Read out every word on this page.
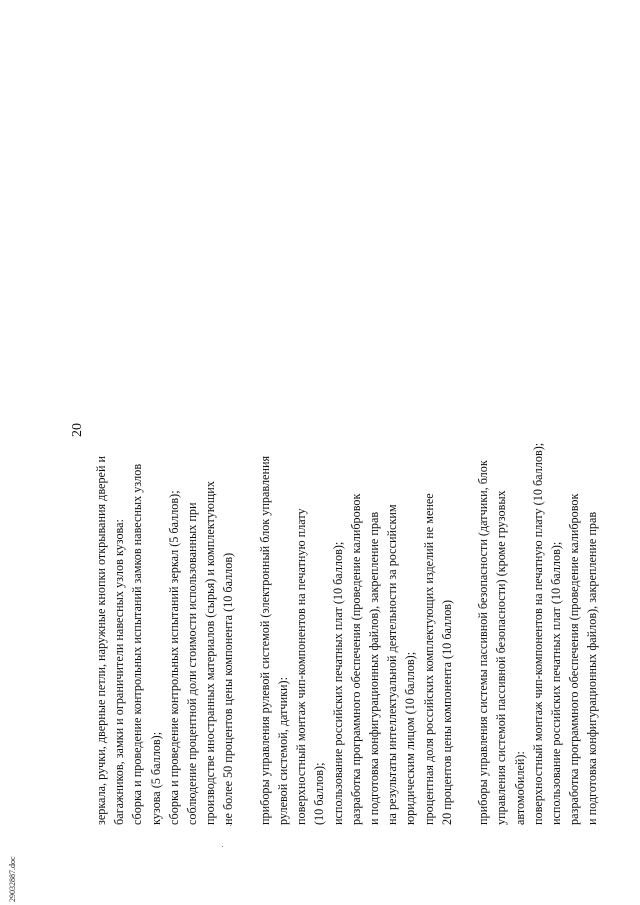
20
зеркала, ручки, дверные петли, наружные кнопки открывания дверей и багажников, замки и ограничители навесных узлов кузова: сборка и проведение контрольных испытаний замков навесных узлов кузова (5 баллов); сборка и проведение контрольных испытаний зеркал (5 баллов); соблюдение процентной доли стоимости использованных при производстве иностранных материалов (сырья) и комплектующих не более 50 процентов цены компонента (10 баллов) приборы управления рулевой системой (электронный блок управления рулевой системой, датчики): поверхностный монтаж чип-компонентов на печатную плату (10 баллов); использование российских печатных плат (10 баллов); разработка программного обеспечения (проведение калибровок и подготовка конфигурационных файлов), закрепление прав на результаты интеллектуальной деятельности за российским юридическим лицом (10 баллов); процентная доля российских комплектующих изделий не менее 20 процентов цены компонента (10 баллов) приборы управления системы пассивной безопасности (датчики, блок управления системой пассивной безопасности) (кроме грузовых автомобилей): поверхностный монтаж чип-компонентов на печатную плату (10 баллов); использование российских печатных плат (10 баллов); разработка программного обеспечения (проведение калибровок и подготовка конфигурационных файлов), закрепление прав
29032887.doc
